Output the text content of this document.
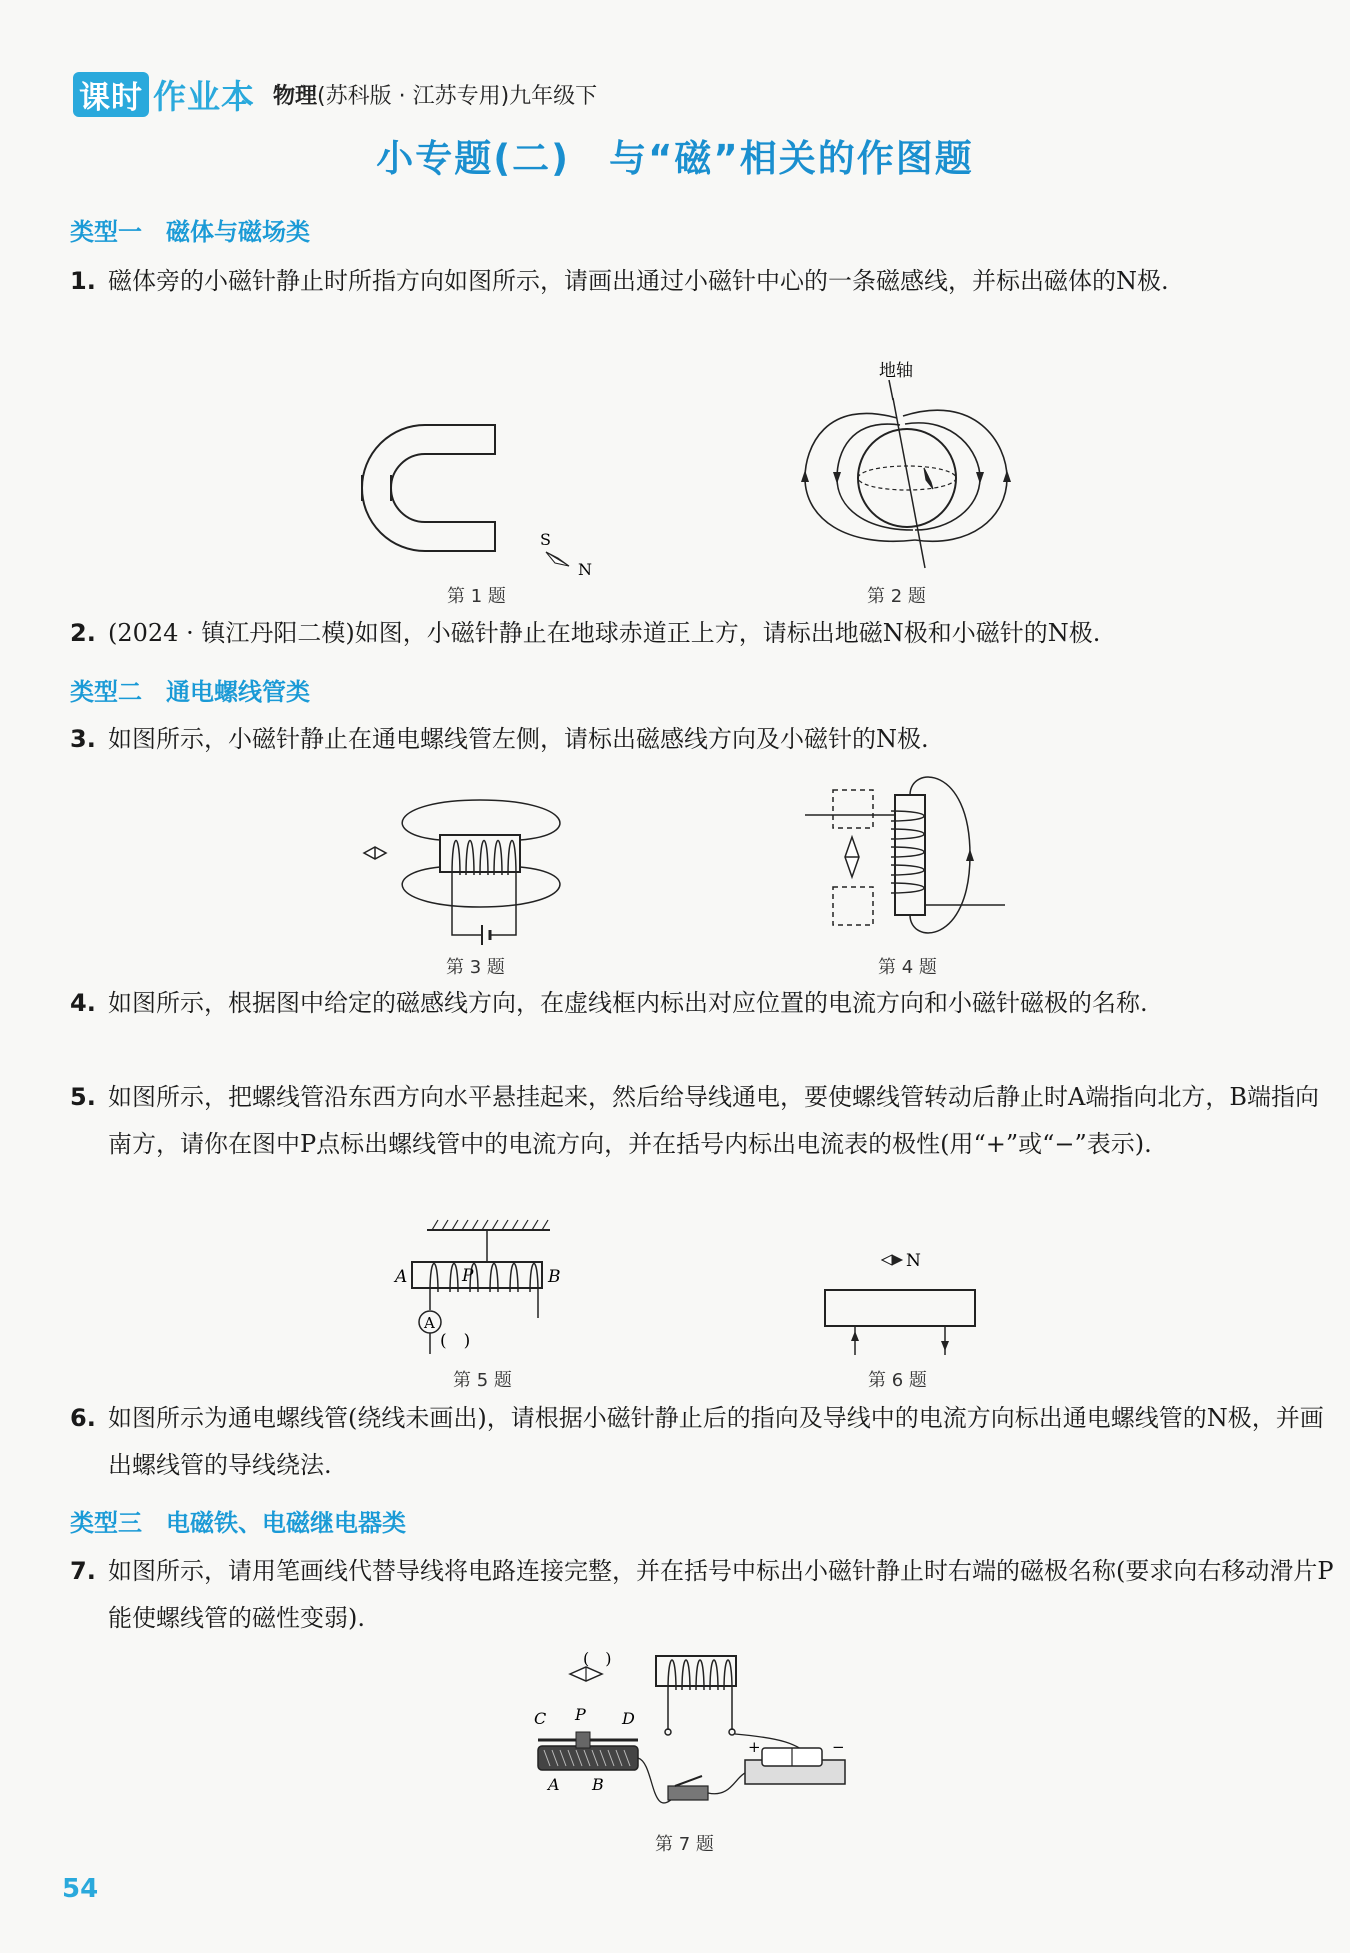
课时 作业本 物理(苏科版 · 江苏专用)九年级下
小专题(二)　与“磁”相关的作图题
类型一　磁体与磁场类
1. 磁体旁的小磁针静止时所指方向如图所示，请画出通过小磁针中心的一条磁感线，并标出磁体的N极.
S
N
第 1 题
地轴
第 2 题
2. (2024 · 镇江丹阳二模)如图，小磁针静止在地球赤道正上方，请标出地磁N极和小磁针的N极.
类型二　通电螺线管类
3. 如图所示，小磁针静止在通电螺线管左侧，请标出磁感线方向及小磁针的N极.
第 3 题	第 4 题
4. 如图所示，根据图中给定的磁感线方向，在虚线框内标出对应位置的电流方向和小磁针磁极的名称.
5. 如图所示，把螺线管沿东西方向水平悬挂起来，然后给导线通电，要使螺线管转动后静止时A端指向北方，B端指向南方，请你在图中P点标出螺线管中的电流方向，并在括号内标出电流表的极性(用“+”或“−”表示).
A	B
P
A
(　)
第 5 题
N
第 6 题
6. 如图所示为通电螺线管(绕线未画出)，请根据小磁针静止后的指向及导线中的电流方向标出通电螺线管的N极，并画出螺线管的导线绕法.
类型三　电磁铁、电磁继电器类
7. 如图所示，请用笔画线代替导线将电路连接完整，并在括号中标出小磁针静止时右端的磁极名称(要求向右移动滑片P能使螺线管的磁性变弱).
(　)
C P D
A B
+	−
第 7 题
54
